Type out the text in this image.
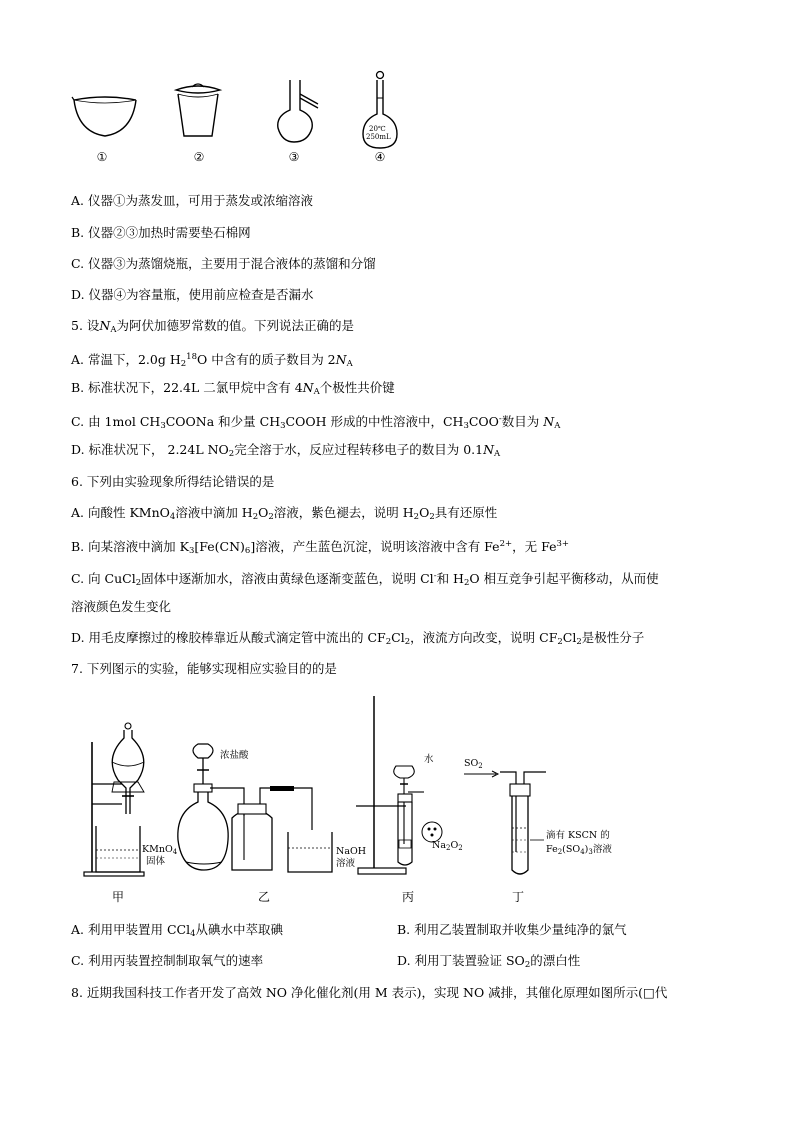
20℃
250mL
①	②	③	④
A. 仪器①为蒸发皿，可用于蒸发或浓缩溶液
B. 仪器②③加热时需要垫石棉网
C. 仪器③为蒸馏烧瓶，主要用于混合液体的蒸馏和分馏
D. 仪器④为容量瓶，使用前应检查是否漏水
5. 设$N_A$为阿伏加德罗常数的值。下列说法正确的是
A. 常温下，2.0g $H_2^{18}O$ 中含有的质子数目为 $2N_A$
B. 标准状况下，22.4L 二氯甲烷中含有 $4N_A$个极性共价键
C. 由 1mol $CH_3COONa$ 和少量 $CH_3COOH$ 形成的中性溶液中，$CH_3COO^-$数目为 $N_A$
D. 标准状况下， 2.24L $NO_2$完全溶于水，反应过程转移电子的数目为 $0.1N_A$
6. 下列由实验现象所得结论错误的是
A. 向酸性 KMnO$_4$溶液中滴加 $H_2O_2$溶液，紫色褪去，说明 $H_2O_2$具有还原性
B. 向某溶液中滴加 $K_3[Fe(CN)_6]$溶液，产生蓝色沉淀，说明该溶液中含有 $Fe^{2+}$，无 $Fe^{3+}$
C. 向 CuCl$_2$固体中逐渐加水，溶液由黄绿色逐渐变蓝色，说明 Cl-和 $H_2O$ 相互竞争引起平衡移动，从而使
溶液颜色发生变化
D. 用毛皮摩擦过的橡胶棒靠近从酸式滴定管中流出的 $CF_2Cl_2$，液流方向改变，说明 $CF_2Cl_2$是极性分子
7. 下列图示的实验，能够实现相应实验目的的是
甲
浓盐酸
KMnO$_4$
固体
NaOH
溶液
乙
水
$Na_2O_2$
丙
$SO_2$
滴有 KSCN 的
$Fe_2(SO_4)_3$溶液
丁
A. 利用甲装置用 CCl$_4$从碘水中萃取碘	B. 利用乙装置制取并收集少量纯净的氯气
C. 利用丙装置控制制取氧气的速率	D. 利用丁装置验证 $SO_2$的漂白性
8. 近期我国科技工作者开发了高效 NO 净化催化剂(用 M 表示)，实现 NO 减排，其催化原理如图所示(□代
